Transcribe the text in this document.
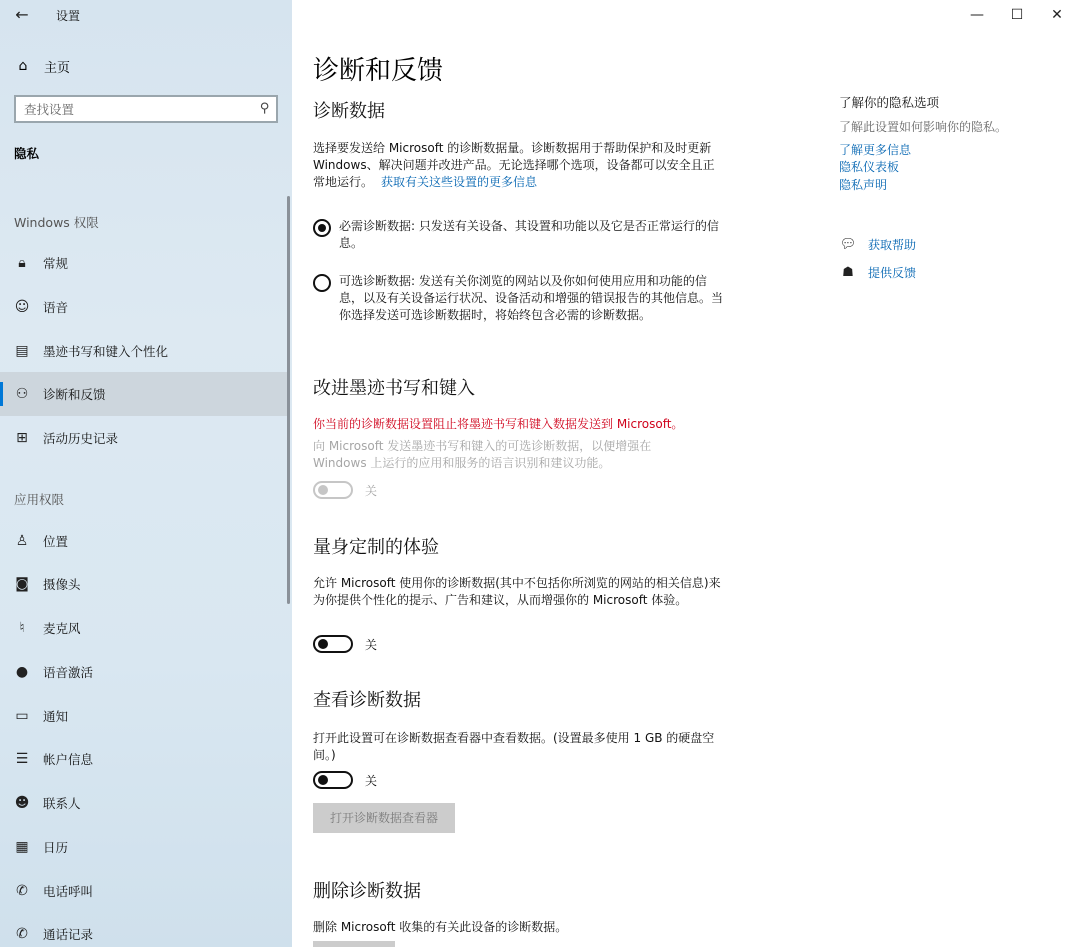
←	设置
⌂	主页
查找设置
⚲
隐私
Windows 权限
🔒︎	常规
☺ 语音
▤ 墨迹书写和键入个性化
⚇ 诊断和反馈
⊞ 活动历史记录
应用权限
♙ 位置
◙ 摄像头
♮	麦克风
● 语音激活
▭ 通知
☰ 帐户信息
☻ 联系人
▦ 日历
✆ 电话呼叫
✆ 通话记录
—	☐	✕
诊断和反馈
诊断数据
选择要发送给 Microsoft 的诊断数据量。诊断数据用于帮助保护和及时更新 Windows、解决问题并改进产品。无论选择哪个选项，设备都可以安全且正常地运行。 获取有关这些设置的更多信息
必需诊断数据: 只发送有关设备、其设置和功能以及它是否正常运行的信息。
可选诊断数据: 发送有关你浏览的网站以及你如何使用应用和功能的信息，以及有关设备运行状况、设备活动和增强的错误报告的其他信息。当你选择发送可选诊断数据时，将始终包含必需的诊断数据。
改进墨迹书写和键入
你当前的诊断数据设置阻止将墨迹书写和键入数据发送到 Microsoft。
向 Microsoft 发送墨迹书写和键入的可选诊断数据，以便增强在 Windows 上运行的应用和服务的语言识别和建议功能。
关
量身定制的体验
允许 Microsoft 使用你的诊断数据(其中不包括你所浏览的网站的相关信息)来为你提供个性化的提示、广告和建议，从而增强你的 Microsoft 体验。
关
查看诊断数据
打开此设置可在诊断数据查看器中查看数据。(设置最多使用 1 GB 的硬盘空间。)
关
打开诊断数据查看器
删除诊断数据
删除 Microsoft 收集的有关此设备的诊断数据。
了解你的隐私选项
了解此设置如何影响你的隐私。
了解更多信息
隐私仪表板
隐私声明
💬︎ 获取帮助
☗ 提供反馈
